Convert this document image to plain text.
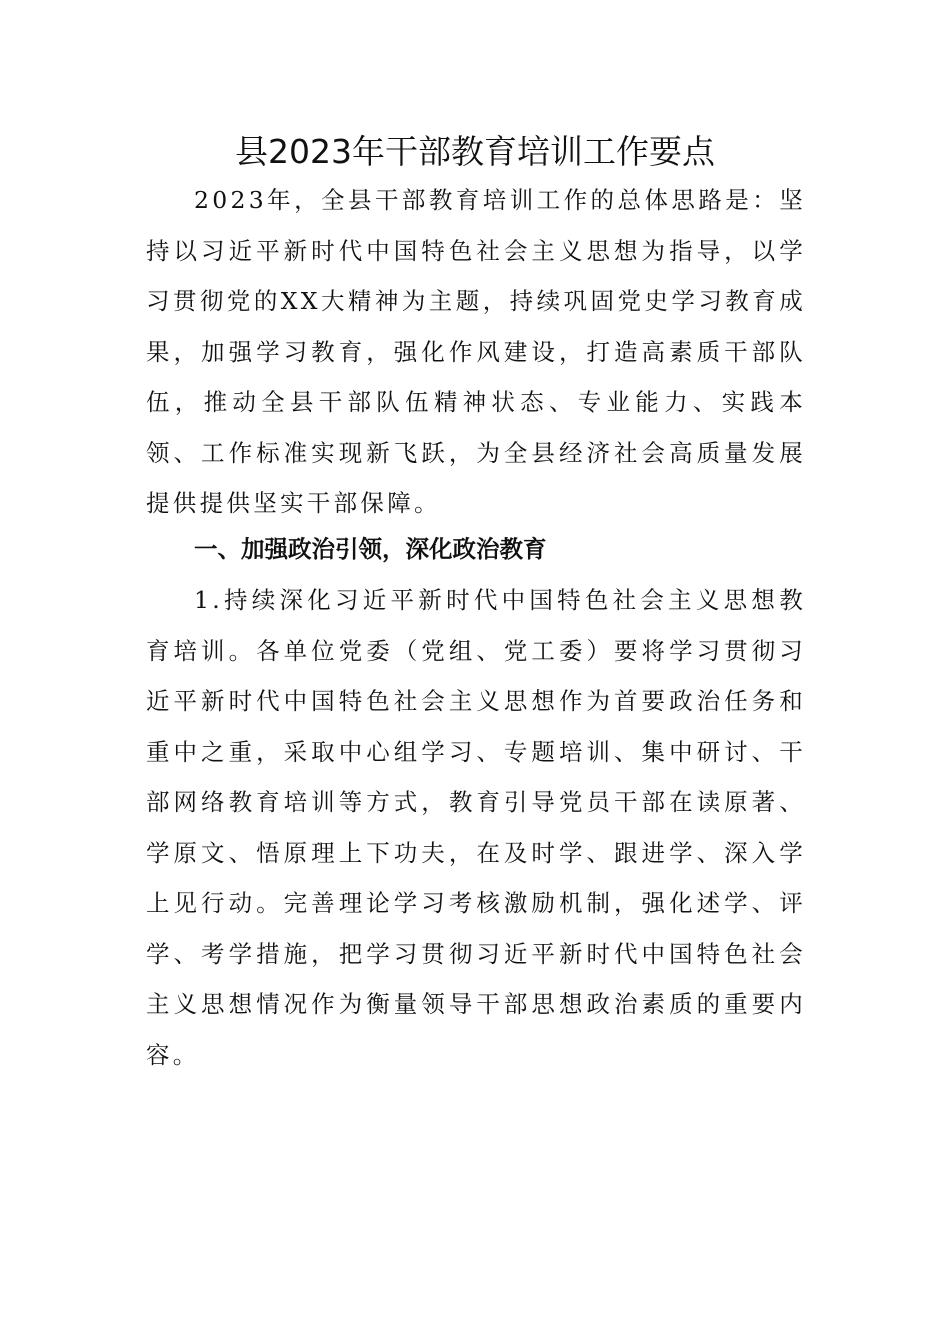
县2023年干部教育培训工作要点

2023年，全县干部教育培训工作的总体思路是：坚持以习近平新时代中国特色社会主义思想为指导，以学习贯彻党的XX大精神为主题，持续巩固党史学习教育成果，加强学习教育，强化作风建设，打造高素质干部队伍，推动全县干部队伍精神状态、专业能力、实践本领、工作标准实现新飞跃，为全县经济社会高质量发展提供提供坚实干部保障。

一、加强政治引领，深化政治教育

1.持续深化习近平新时代中国特色社会主义思想教育培训。各单位党委（党组、党工委）要将学习贯彻习近平新时代中国特色社会主义思想作为首要政治任务和重中之重，采取中心组学习、专题培训、集中研讨、干部网络教育培训等方式，教育引导党员干部在读原著、学原文、悟原理上下功夫，在及时学、跟进学、深入学上见行动。完善理论学习考核激励机制，强化述学、评学、考学措施，把学习贯彻习近平新时代中国特色社会主义思想情况作为衡量领导干部思想政治素质的重要内容。
